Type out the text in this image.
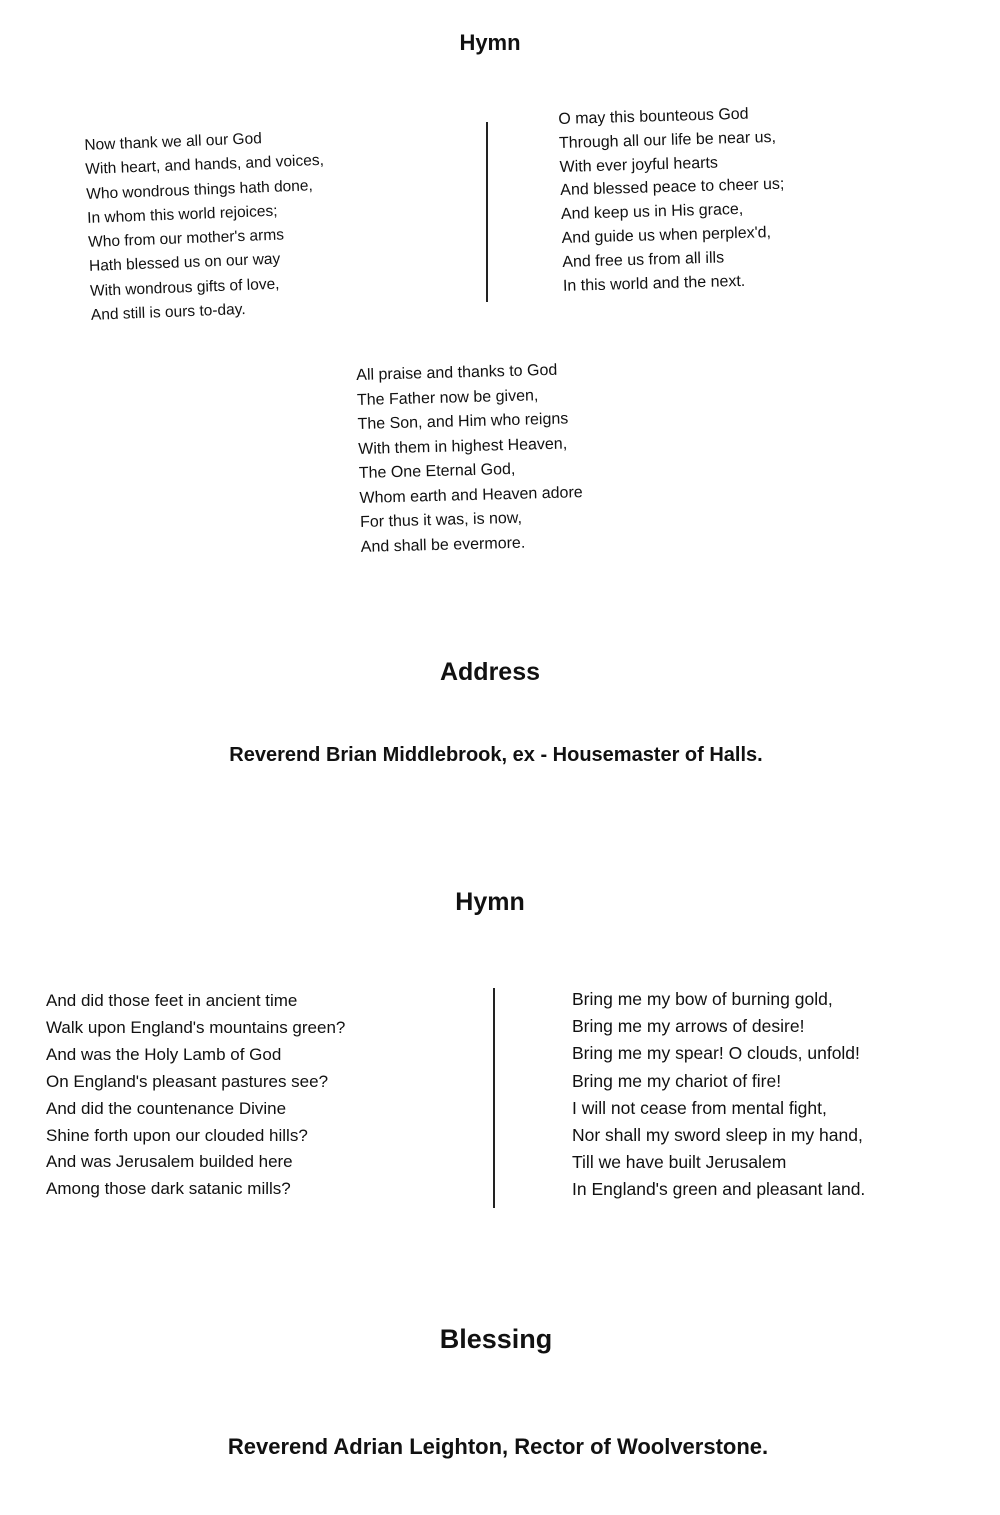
Hymn
Now thank we all our God
With heart, and hands, and voices,
Who wondrous things hath done,
In whom this world rejoices;
Who from our mother's arms
Hath blessed us on our way
With wondrous gifts of love,
And still is ours to-day.
O may this bounteous God
Through all our life be near us,
With ever joyful hearts
And blessed peace to cheer us;
And keep us in His grace,
And guide us when perplex'd,
And free us from all ills
In this world and the next.
All praise and thanks to God
The Father now be given,
The Son, and Him who reigns
With them in highest Heaven,
The One Eternal God,
Whom earth and Heaven adore
For thus it was, is now,
And shall be evermore.
Address
Reverend Brian Middlebrook, ex - Housemaster of Halls.
Hymn
And did those feet in ancient time
Walk upon England's mountains green?
And was the Holy Lamb of God
On England's pleasant pastures see?
And did the countenance Divine
Shine forth upon our clouded hills?
And was Jerusalem builded here
Among those dark satanic mills?
Bring me my bow of burning gold,
Bring me my arrows of desire!
Bring me my spear! O clouds, unfold!
Bring me my chariot of fire!
I will not cease from mental fight,
Nor shall my sword sleep in my hand,
Till we have built Jerusalem
In England's green and pleasant land.
Blessing
Reverend Adrian Leighton, Rector of Woolverstone.
